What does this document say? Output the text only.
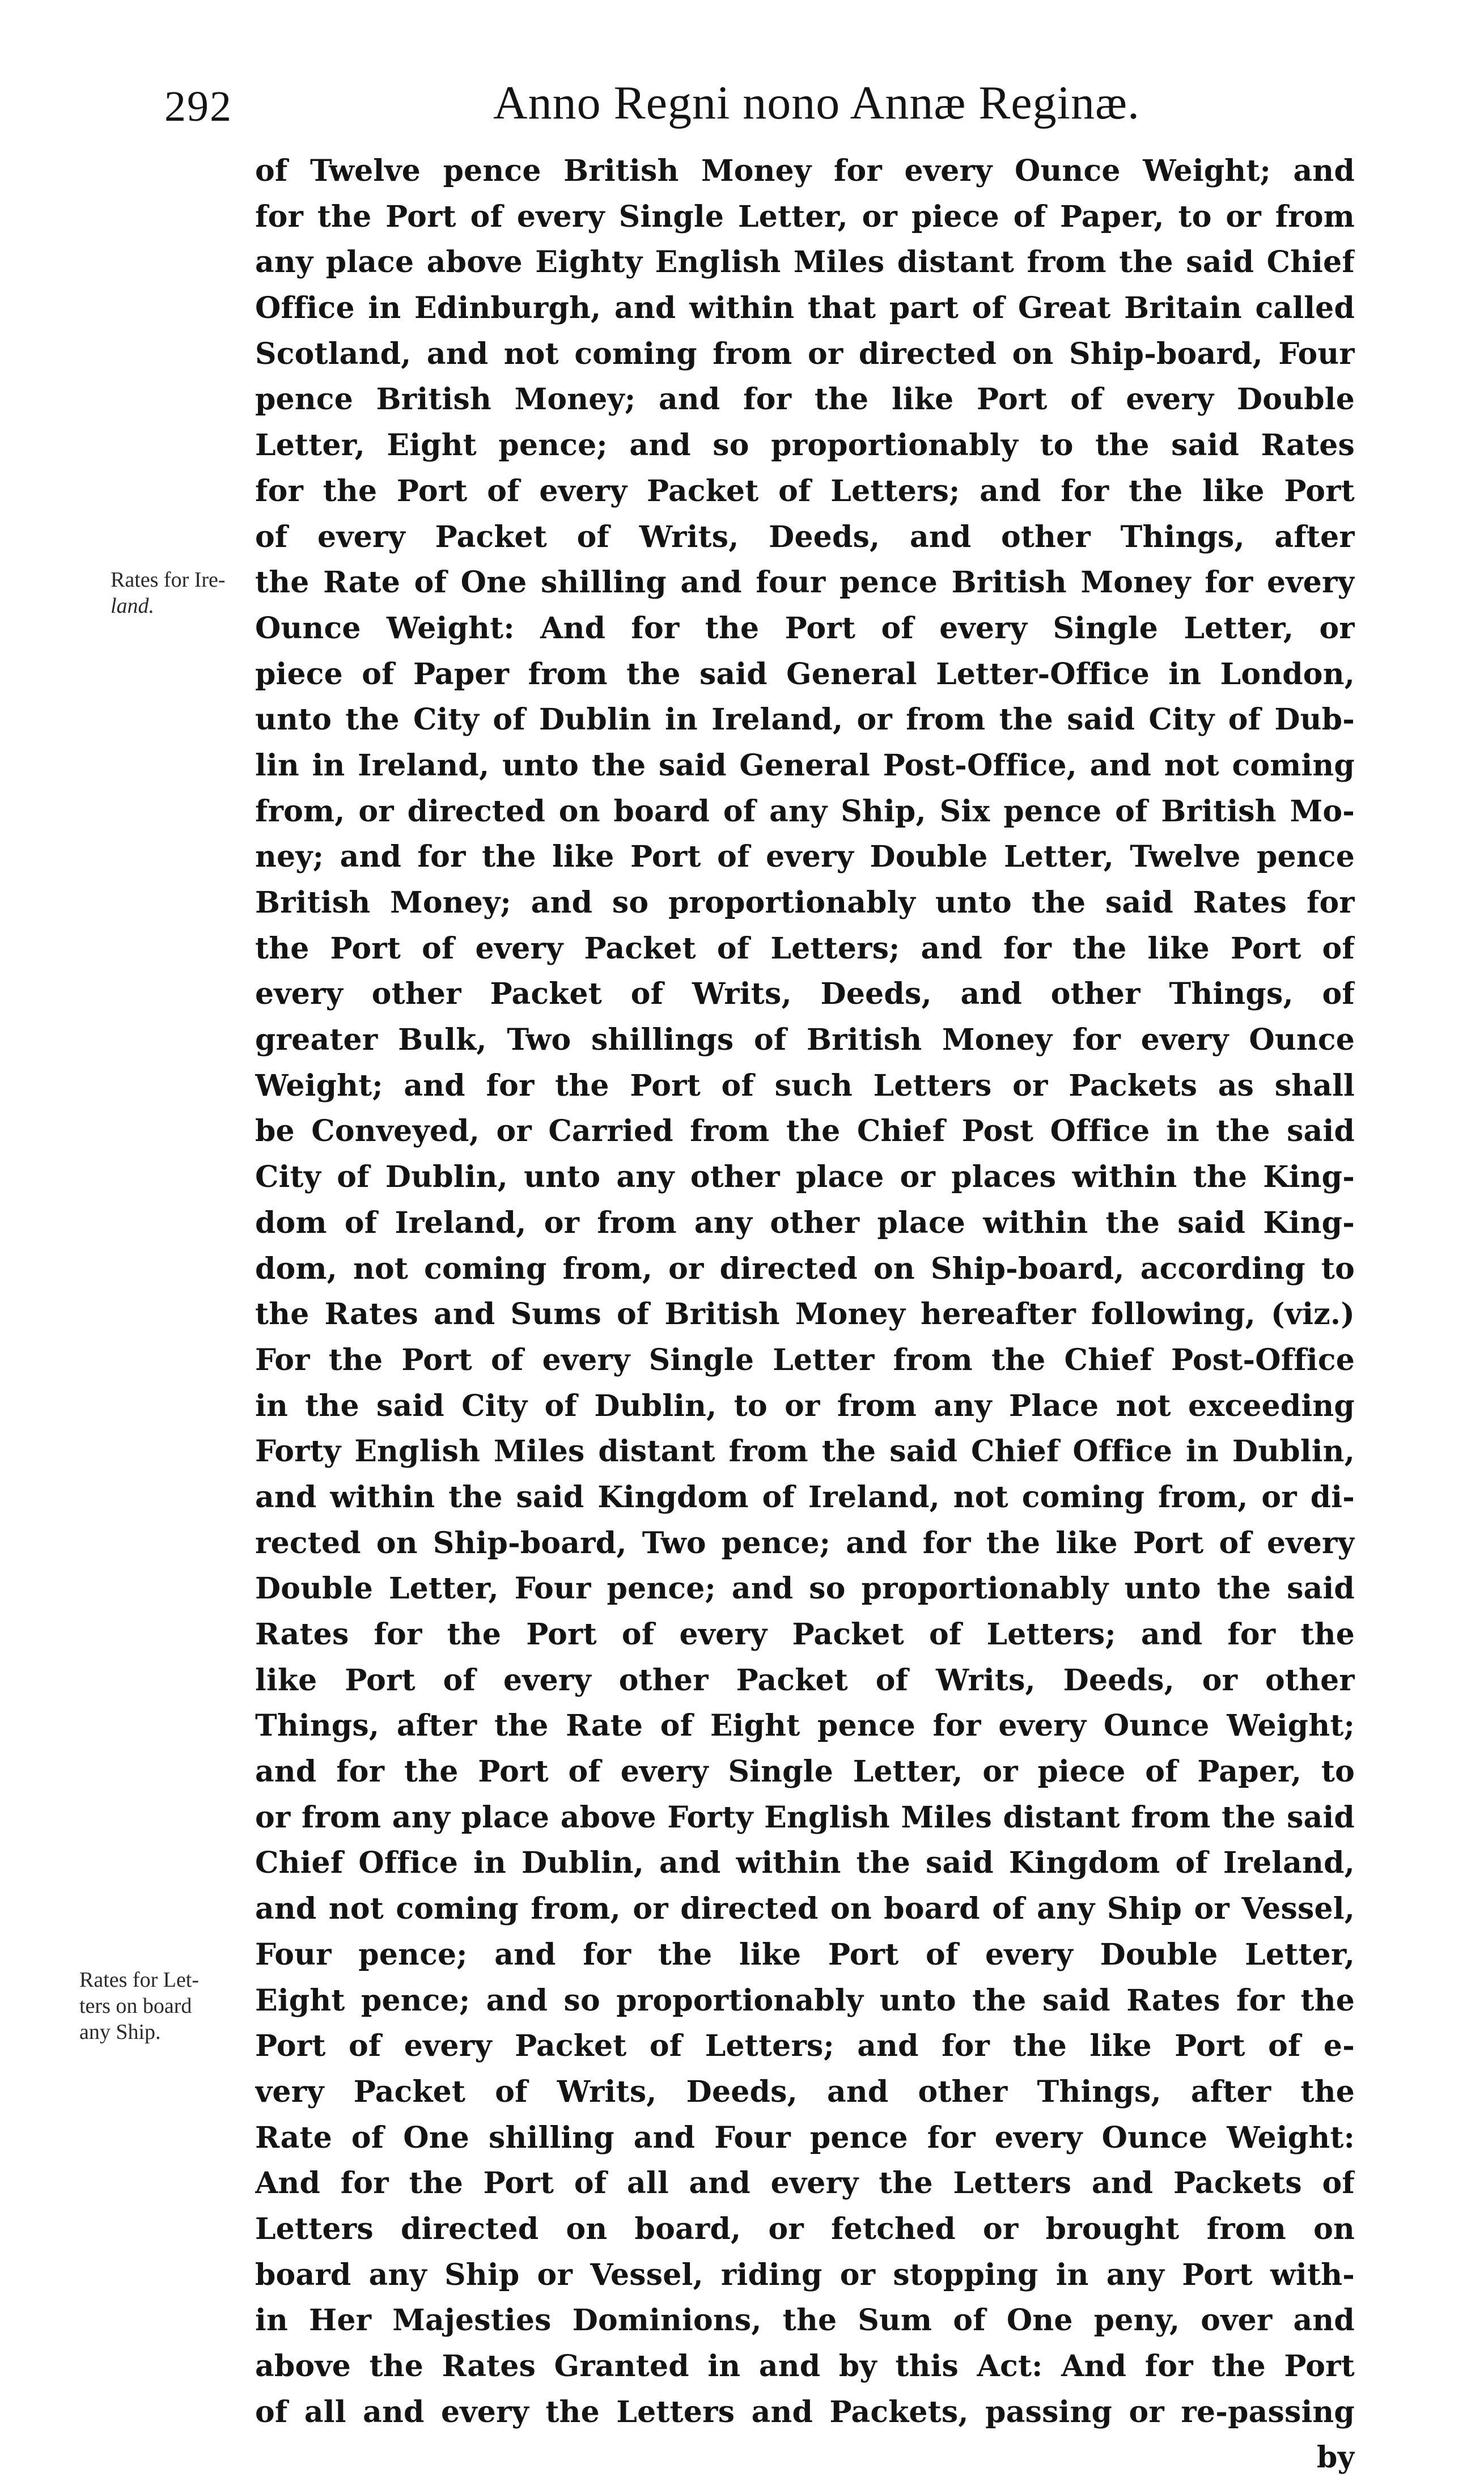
292	Anno Regni nono Annæ Reginæ.
Rates for Ire-
land.
Rates for Let-
ters on board
any Ship.
of Twelve pence British Money for every Ounce Weight; and
for the Port of every Single Letter, or piece of Paper, to or from
any place above Eighty English Miles distant from the said Chief
Office in Edinburgh, and within that part of Great Britain called
Scotland, and not coming from or directed on Ship-board, Four
pence British Money; and for the like Port of every Double
Letter, Eight pence; and so proportionably to the said Rates
for the Port of every Packet of Letters; and for the like Port
of every Packet of Writs, Deeds, and other Things, after
the Rate of One shilling and four pence British Money for every
Ounce Weight: And for the Port of every Single Letter, or
piece of Paper from the said General Letter-Office in London,
unto the City of Dublin in Ireland, or from the said City of Dub-
lin in Ireland, unto the said General Post-Office, and not coming
from, or directed on board of any Ship, Six pence of British Mo-
ney; and for the like Port of every Double Letter, Twelve pence
British Money; and so proportionably unto the said Rates for
the Port of every Packet of Letters; and for the like Port of
every other Packet of Writs, Deeds, and other Things, of
greater Bulk, Two shillings of British Money for every Ounce
Weight; and for the Port of such Letters or Packets as shall
be Conveyed, or Carried from the Chief Post Office in the said
City of Dublin, unto any other place or places within the King-
dom of Ireland, or from any other place within the said King-
dom, not coming from, or directed on Ship-board, according to
the Rates and Sums of British Money hereafter following, (viz.)
For the Port of every Single Letter from the Chief Post-Office
in the said City of Dublin, to or from any Place not exceeding
Forty English Miles distant from the said Chief Office in Dublin,
and within the said Kingdom of Ireland, not coming from, or di-
rected on Ship-board, Two pence; and for the like Port of every
Double Letter, Four pence; and so proportionably unto the said
Rates for the Port of every Packet of Letters; and for the
like Port of every other Packet of Writs, Deeds, or other
Things, after the Rate of Eight pence for every Ounce Weight;
and for the Port of every Single Letter, or piece of Paper, to
or from any place above Forty English Miles distant from the said
Chief Office in Dublin, and within the said Kingdom of Ireland,
and not coming from, or directed on board of any Ship or Vessel,
Four pence; and for the like Port of every Double Letter,
Eight pence; and so proportionably unto the said Rates for the
Port of every Packet of Letters; and for the like Port of e-
very Packet of Writs, Deeds, and other Things, after the
Rate of One shilling and Four pence for every Ounce Weight:
And for the Port of all and every the Letters and Packets of
Letters directed on board, or fetched or brought from on
board any Ship or Vessel, riding or stopping in any Port with-
in Her Majesties Dominions, the Sum of One peny, over and
above the Rates Granted in and by this Act: And for the Port
of all and every the Letters and Packets, passing or re-passing
by
